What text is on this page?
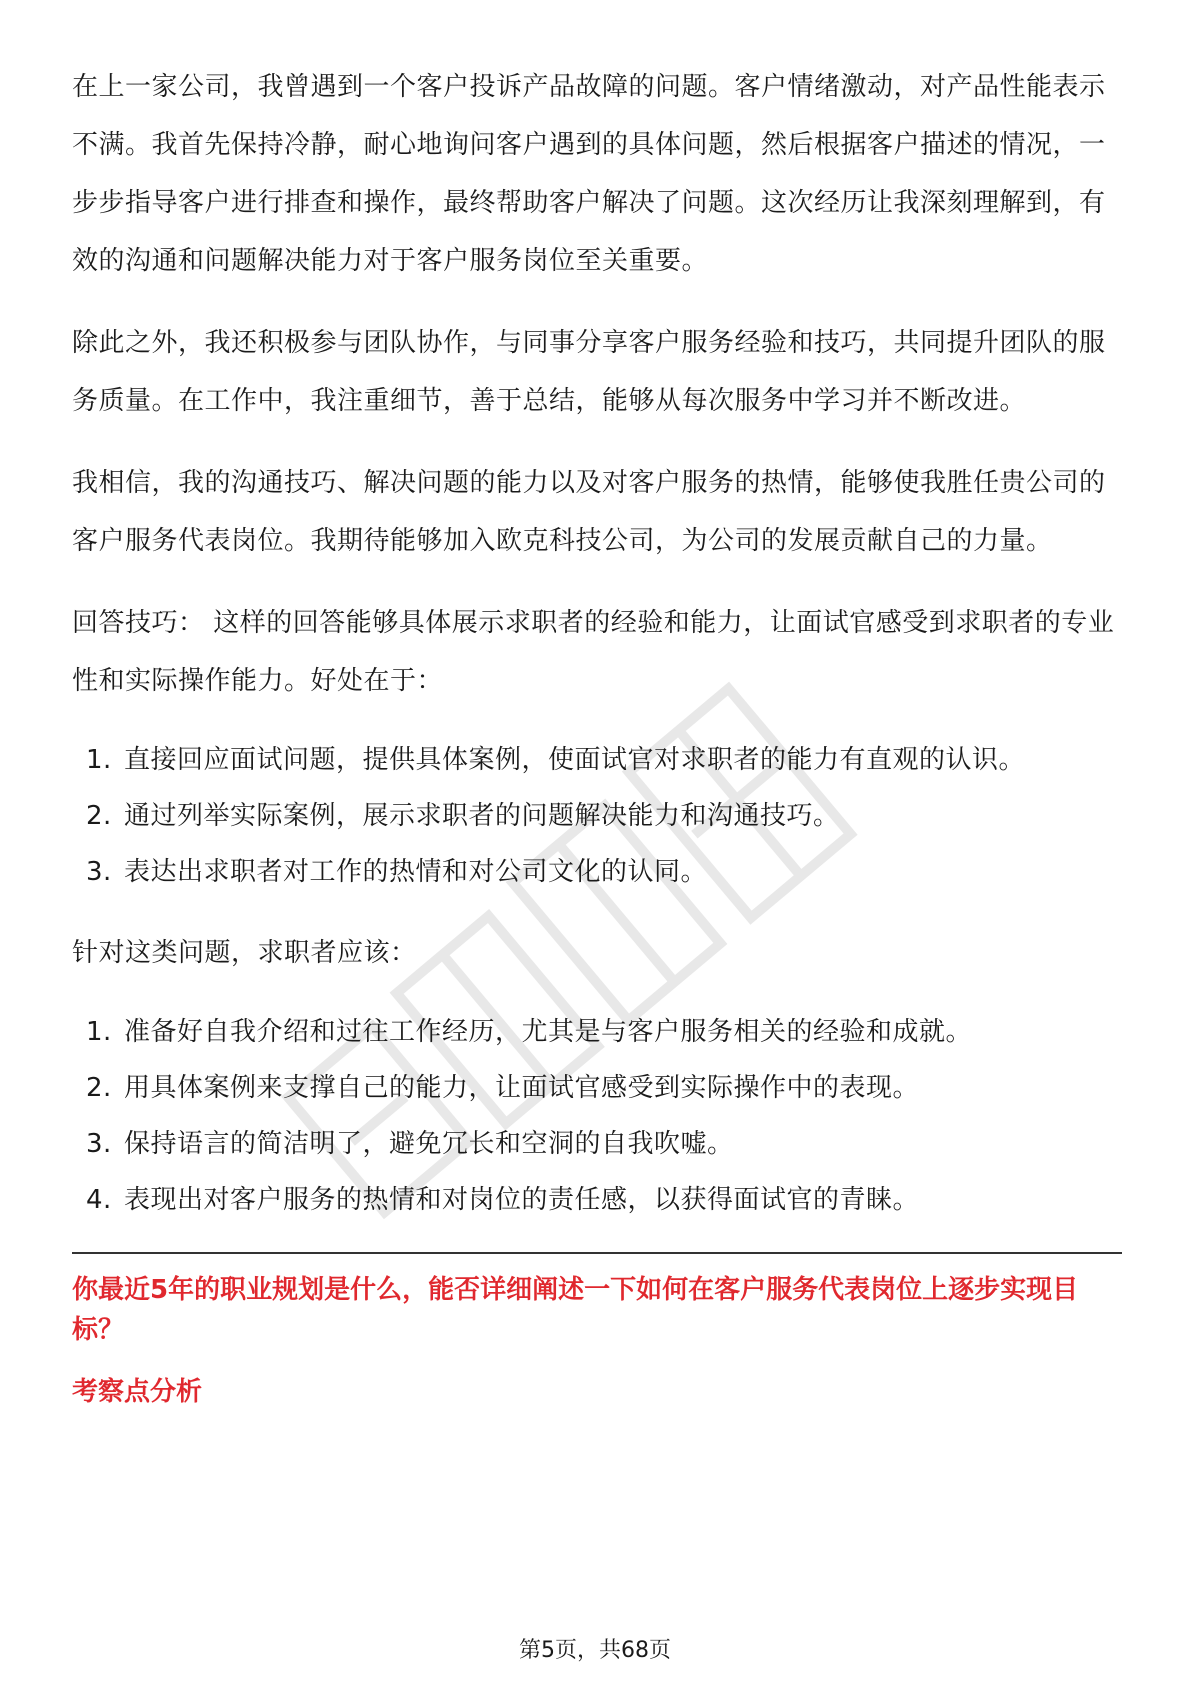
在上一家公司，我曾遇到一个客户投诉产品故障的问题。客户情绪激动，对产品性能表示不满。我首先保持冷静，耐心地询问客户遇到的具体问题，然后根据客户描述的情况，一步步指导客户进行排查和操作，最终帮助客户解决了问题。这次经历让我深刻理解到，有效的沟通和问题解决能力对于客户服务岗位至关重要。

除此之外，我还积极参与团队协作，与同事分享客户服务经验和技巧，共同提升团队的服务质量。在工作中，我注重细节，善于总结，能够从每次服务中学习并不断改进。

我相信，我的沟通技巧、解决问题的能力以及对客户服务的热情，能够使我胜任贵公司的客户服务代表岗位。我期待能够加入欧克科技公司，为公司的发展贡献自己的力量。

回答技巧： 这样的回答能够具体展示求职者的经验和能力，让面试官感受到求职者的专业性和实际操作能力。好处在于：

1. 直接回应面试问题，提供具体案例，使面试官对求职者的能力有直观的认识。
2. 通过列举实际案例，展示求职者的问题解决能力和沟通技巧。
3. 表达出求职者对工作的热情和对公司文化的认同。

针对这类问题，求职者应该：

1. 准备好自我介绍和过往工作经历，尤其是与客户服务相关的经验和成就。
2. 用具体案例来支撑自己的能力，让面试官感受到实际操作中的表现。
3. 保持语言的简洁明了，避免冗长和空洞的自我吹嘘。
4. 表现出对客户服务的热情和对岗位的责任感，以获得面试官的青睐。

你最近5年的职业规划是什么，能否详细阐述一下如何在客户服务代表岗位上逐步实现目标？

考察点分析

第5页，共68页
